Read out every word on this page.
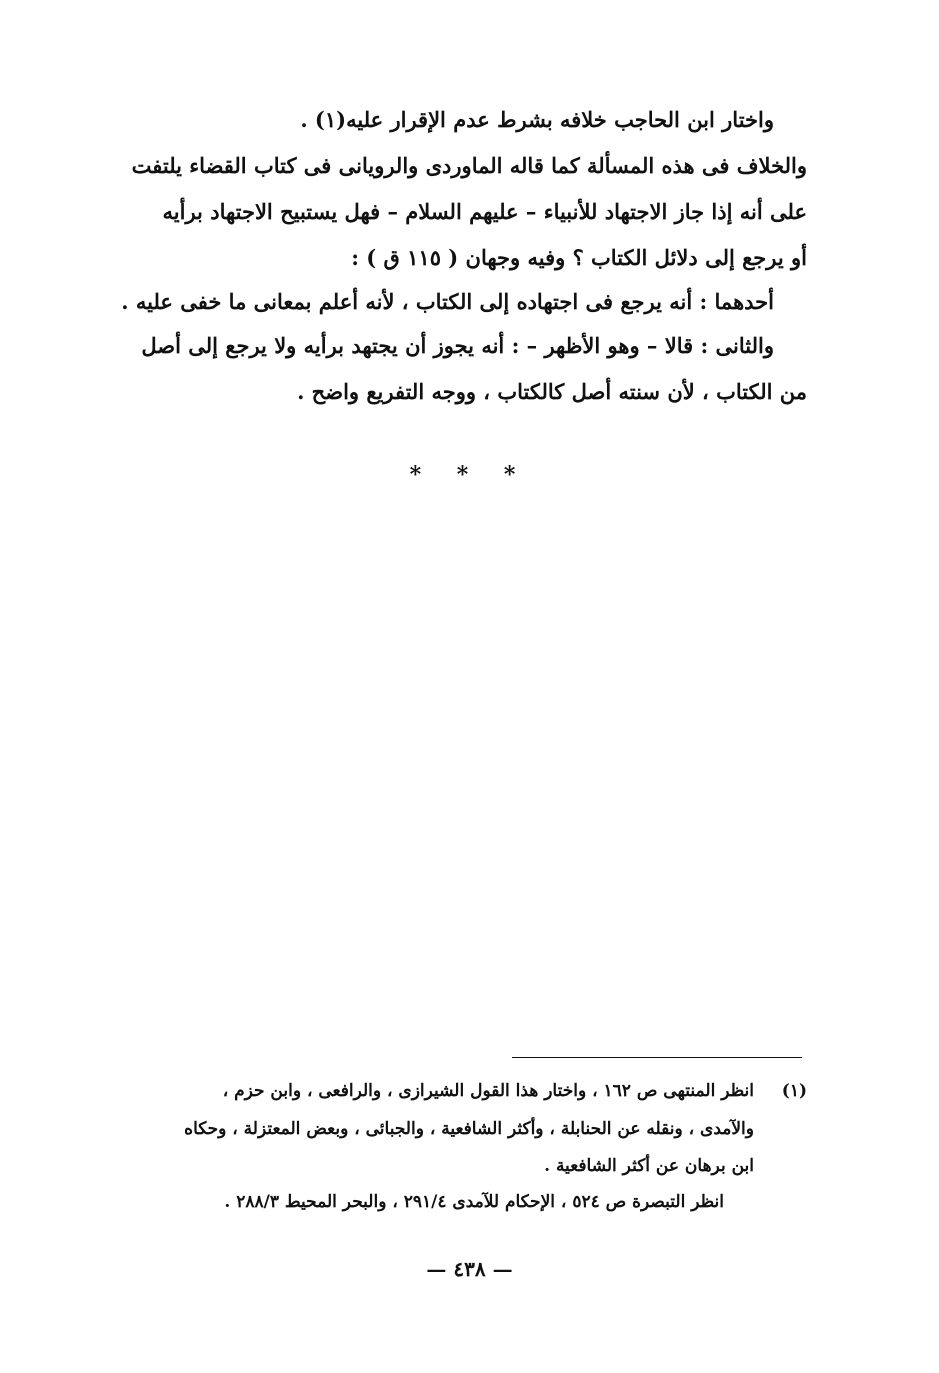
واختار ابن الحاجب خلافه بشرط عدم الإقرار عليه(١) .
والخلاف فى هذه المسألة كما قاله الماوردى والرويانى فى كتاب القضاء يلتفت
على أنه إذا جاز الاجتهاد للأنبياء – عليهم السلام – فهل يستبيح الاجتهاد برأيه
أو يرجع إلى دلائل الكتاب ؟ وفيه وجهان ( ١١٥ ق ) :
أحدهما : أنه يرجع فى اجتهاده إلى الكتاب ، لأنه أعلم بمعانى ما خفى عليه .
والثانى : قالا – وهو الأظهر – : أنه يجوز أن يجتهد برأيه ولا يرجع إلى أصل
من الكتاب ، لأن سنته أصل كالكتاب ، ووجه التفريع واضح .
* * *
(١)
انظر المنتهى ص ١٦٢ ، واختار هذا القول الشيرازى ، والرافعى ، وابن حزم ،
والآمدى ، ونقله عن الحنابلة ، وأكثر الشافعية ، والجبائى ، وبعض المعتزلة ، وحكاه
ابن برهان عن أكثر الشافعية .
انظر التبصرة ص ٥٢٤ ، الإحكام للآمدى ٢٩١/٤ ، والبحر المحيط ٢٨٨/٣ .
— ٤٣٨ —
